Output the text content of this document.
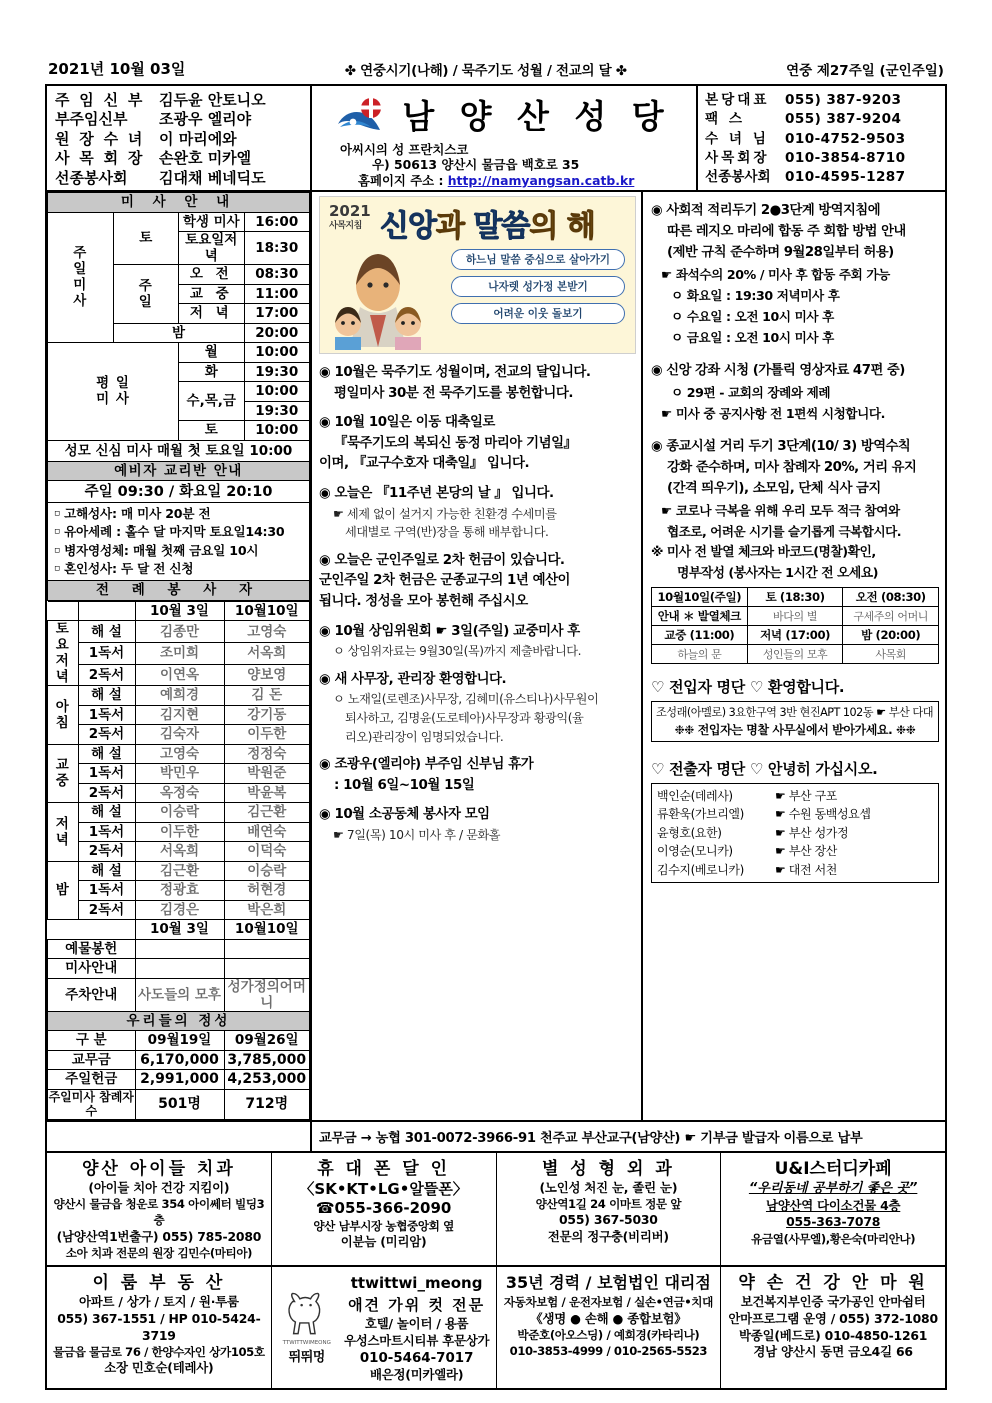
2021년 10월 03일	✤ 연중시기(나해) / 묵주기도 성월 / 전교의 달 ✤	연중 제27주일 (군인주일)
주 임 신 부 김두윤 안토니오
부주임신부	조광우 엘리야
원 장 수 녀 이 마리에와
사 목 회 장 손완호 미카엘
선종봉사회	김대채 베네딕도
남 양 산 성 당
아씨시의 성 프란치스코
우) 50613 양산시 물금읍 백호로 35
홈페이지 주소 : http://namyangsan.catb.kr
본당대표	055) 387-9203
팩 스	055) 387-9204
수 녀 님	010-4752-9503
사목회장	010-3854-8710
선종봉사회	010-4595-1287
미 사 안 내			
주
일
미
사	토	학생 미사	16:00
		토요일저녁	18:30
	주
일	오 전	08:30
		교 중	11:00
		저 녁	17:00
	밤		20:00
평 일
미 사		월	10:00
		화	19:30
		수,목,금	10:00
			19:30
		토	10:00
성모 신심 미사 매월 첫 토요일 10:00			
예비자 교리반 안내			
주일 09:30 / 화요일 20:10			

▫ 고해성사: 매 미사 20분 전
▫ 유아세례 : 홀수 달 마지막 토요일14:30
▫ 병자영성체: 매월 첫째 금요일 10시
▫ 혼인성사: 두 달 전 신청			

전 례 봉 사 자			
		10월 3일	10월10일
토
요
저
녁	해 설	김종만	고영숙
	1독서	조미희	서옥희
	2독서	이연옥	양보영
아
침	해 설	예희경	김 돈
	1독서	김지현	강기동
	2독서	김숙자	이두한
교
중	해 설	고영숙	정정숙
	1독서	박민우	박원준
	2독서	옥정숙	박윤복
저
녁	해 설	이승락	김근환
	1독서	이두한	배연숙
	2독서	서옥희	이덕숙
밤	해 설	김근환	이승락
	1독서	정광효	허현경
	2독서	김경은	박은희
		10월 3일	10월10일
예물봉헌			
미사안내			
주차안내		사도들의 모후	성가정의어머니
우리들의 정성			
구 분		09월19일	09월26일
교무금		6,170,000	3,785,000
주일헌금		2,991,000	4,253,000
주일미사 참례자수		501명	712명
2021
사목지침 신앙과 말씀의 해
하느님 말씀 중심으로 살아가기
나자렛 성가정 본받기
어려운 이웃 돌보기
◉ 10월은 묵주기도 성월이며, 전교의 달입니다.
평일미사 30분 전 묵주기도를 봉헌합니다.
◉ 10월 10일은 이동 대축일로
『묵주기도의 복되신 동정 마리아 기념일』
이며, 『교구수호자 대축일』 입니다.
◉ 오늘은 『11주년 본당의 날 』 입니다.
☛ 세제 없이 설거지 가능한 친환경 수세미를
세대별로 구역(반)장을 통해 배부합니다.
◉ 오늘은 군인주일로 2차 헌금이 있습니다.
군인주일 2차 헌금은 군종교구의 1년 예산이
됩니다. 정성을 모아 봉헌해 주십시오
◉ 10월 상임위원회 ☛ 3일(주일) 교중미사 후
ㅇ 상임위자료는 9월30일(목)까지 제출바랍니다.
◉ 새 사무장, 관리장 환영합니다.
ㅇ 노재일(로렌조)사무장, 김혜미(유스티나)사무원이
퇴사하고, 김명윤(도로테아)사무장과 황광익(율
리오)관리장이 임명되었습니다.
◉ 조광우(엘리야) 부주임 신부님 휴가
: 10월 6일~10월 15일
◉ 10월 소공동체 봉사자 모임
☛ 7일(목) 10시 미사 후 / 문화홀
◉ 사회적 적리두기 2●3단계 방역지침에
따른 레지오 마리에 합동 주 회합 방법 안내
(제반 규칙 준수하며 9월28일부터 허용)
☛ 좌석수의 20% / 미사 후 합동 주회 가능
ㅇ 화요일 : 19:30 저녁미사 후
ㅇ 수요일 : 오전 10시 미사 후
ㅇ 금요일 : 오전 10시 미사 후
◉ 신앙 강좌 시청 (가톨릭 영상자료 47편 중)
ㅇ 29편 - 교회의 장례와 제례
☛ 미사 중 공지사항 전 1편씩 시청합니다.
◉ 종교시설 거리 두기 3단계(10/ 3) 방역수칙
강화 준수하며, 미사 참례자 20%, 거리 유지
(간격 띄우기), 소모임, 단체 식사 금지
☛ 코로나 극복을 위해 우리 모두 적극 참여와
협조로, 어려운 시기를 슬기롭게 극복합시다.
※ 미사 전 발열 체크와 바코드(명찰)확인,
명부작성 (봉사자는 1시간 전 오세요)
10월10일(주일)	토 (18:30)	오전 (08:30)
안내 ＊ 발열체크	바다의 별	구세주의 어머니
교중 (11:00)	저녁 (17:00)	밤 (20:00)
하늘의 문	성인들의 모후	사목회
♡ 전입자 명단 ♡ 환영합니다.
조성래(아멜로) 3요한구역 3반 현진APT 102동 ☛ 부산 다대
❉❉ 전입자는 명찰 사무실에서 받아가세요. ❉❉
♡ 전출자 명단 ♡ 안녕히 가십시오.
백인순(데레사)	☛ 부산 구포
류환욱(가브리엘)	☛ 수원 동백성요셉
윤형호(요한)	☛ 부산 성가정
이영순(모니카)	☛ 부산 장산
김수지(베로니카)	☛ 대전 서천
교무금 → 농협 301-0072-3966-91 천주교 부산교구(남양산) ☛ 기부금 발급자 이름으로 납부
양산 아이들 치과
(아이들 치아 건강 지킴이)
양산시 물금읍 청운로 354 아이쎄터 빌딩3층
(남양산역1번출구) 055) 785-2080
소아 치과 전문의 원장 김민수(마티아)
휴 대 폰 달 인
〈SK•KT•LG•알뜰폰〉
☎055-366-2090
양산 남부시장 농협중앙회 옆
이분늠 (미리암)
별 성 형 외 과
(노인성 처진 눈, 졸린 눈)
양산역1길 24 이마트 정문 앞
055) 367-5030
전문의 정구충(비리버)
U&I스터디카페
“우리동네 공부하기 좋은 곳”
남양산역 다이소건물 4층
055-363-7078
유금열(사무엘),황은숙(마리안나)
이 룸 부 동 산
아파트 / 상가 / 토지 / 원·투룸
055) 367-1551 / HP 010-5424-3719
물금읍 물금로 76 / 한양수자인 상가105호
소장 민호순(테레사)
TTWITTWIMEONG
뛰뛰멍
ttwittwi_meong
애견 가위 컷 전문
호텔/ 놀이터 / 용품
우성스마트시티뷰 후문상가
010-5464-7017
배은정(미카엘라)
35년 경력 / 보험법인 대리점
자동차보험 / 운전자보험 / 실손•연금•치대
《생명 ● 손해 ● 종합보험》
박준호(아오스딩) / 예희경(카타리나)
010-3853-4999 / 010-2565-5523
약 손 건 강 안 마 원
보건복지부인증 국가공인 안마쉼터
안마프로그램 운영 / 055) 372-1080
박종일(베드로) 010-4850-1261
경남 양산시 동면 금오4길 66
